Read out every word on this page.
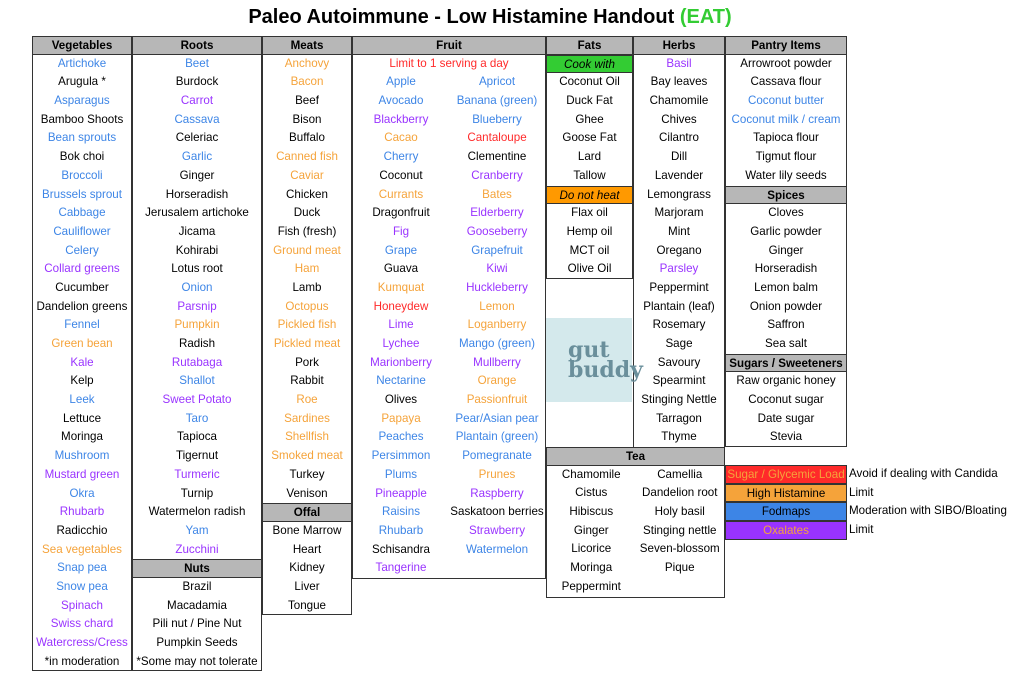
Paleo Autoimmune - Low Histamine Handout (EAT)
Vegetables
Artichoke
Arugula *
Asparagus
Bamboo Shoots
Bean sprouts
Bok choi
Broccoli
Brussels sprout
Cabbage
Cauliflower
Celery
Collard greens
Cucumber
Dandelion greens
Fennel
Green bean
Kale
Kelp
Leek
Lettuce
Moringa
Mushroom
Mustard green
Okra
Rhubarb
Radicchio
Sea vegetables
Snap pea
Snow pea
Spinach
Swiss chard
Watercress/Cress
*in moderation
Roots
Beet
Burdock
Carrot
Cassava
Celeriac
Garlic
Ginger
Horseradish
Jerusalem artichoke
Jicama
Kohirabi
Lotus root
Onion
Parsnip
Pumpkin
Radish
Rutabaga
Shallot
Sweet Potato
Taro
Tapioca
Tigernut
Turmeric
Turnip
Watermelon radish
Yam
Zucchini
Nuts
Brazil
Macadamia
Pili nut / Pine Nut
Pumpkin Seeds
*Some may not tolerate
Meats
Anchovy
Bacon
Beef
Bison
Buffalo
Canned fish
Caviar
Chicken
Duck
Fish (fresh)
Ground meat
Ham
Lamb
Octopus
Pickled fish
Pickled meat
Pork
Rabbit
Roe
Sardines
Shellfish
Smoked meat
Turkey
Venison
Offal
Bone Marrow
Heart
Kidney
Liver
Tongue
Fruit
Limit to 1 serving a day
Apple	Apricot
Avocado	Banana (green)
Blackberry	Blueberry
Cacao	Cantaloupe
Cherry	Clementine
Coconut	Cranberry
Currants	Bates
Dragonfruit	Elderberry
Fig	Gooseberry
Grape	Grapefruit
Guava	Kiwi
Kumquat	Huckleberry
Honeydew	Lemon
Lime	Loganberry
Lychee	Mango (green)
Marionberry	Mullberry
Nectarine	Orange
Olives	Passionfruit
Papaya	Pear/Asian pear
Peaches	Plantain (green)
Persimmon	Pomegranate
Plums	Prunes
Pineapple	Raspberry
Raisins	Saskatoon berries
Rhubarb	Strawberry
Schisandra	Watermelon
Tangerine
Fats
Cook with
Coconut Oil
Duck Fat
Ghee
Goose Fat
Lard
Tallow
Do not heat
Flax oil
Hemp oil
MCT oil
Olive Oil
Herbs
Basil
Bay leaves
Chamomile
Chives
Cilantro
Dill
Lavender
Lemongrass
Marjoram
Mint
Oregano
Parsley
Peppermint
Plantain (leaf)
Rosemary
Sage
Savoury
Spearmint
Stinging Nettle
Tarragon
Thyme
Pantry Items
Arrowroot powder
Cassava flour
Coconut butter
Coconut milk / cream
Tapioca flour
Tigmut flour
Water lily seeds
Spices
Cloves
Garlic powder
Ginger
Horseradish
Lemon balm
Onion powder
Saffron
Sea salt
Sugars / Sweeteners
Raw organic honey
Coconut sugar
Date sugar
Stevia
Tea
Chamomile	Camellia
Cistus	Dandelion root
Hibiscus	Holy basil
Ginger	Stinging nettle
Licorice	Seven-blossom
Moringa	Pique
Peppermint
gut
buddy
Sugar / Glycemic Load Avoid if dealing with Candida
High Histamine	Limit
Fodmaps	Moderation with SIBO/Bloating
Oxalates	Limit
